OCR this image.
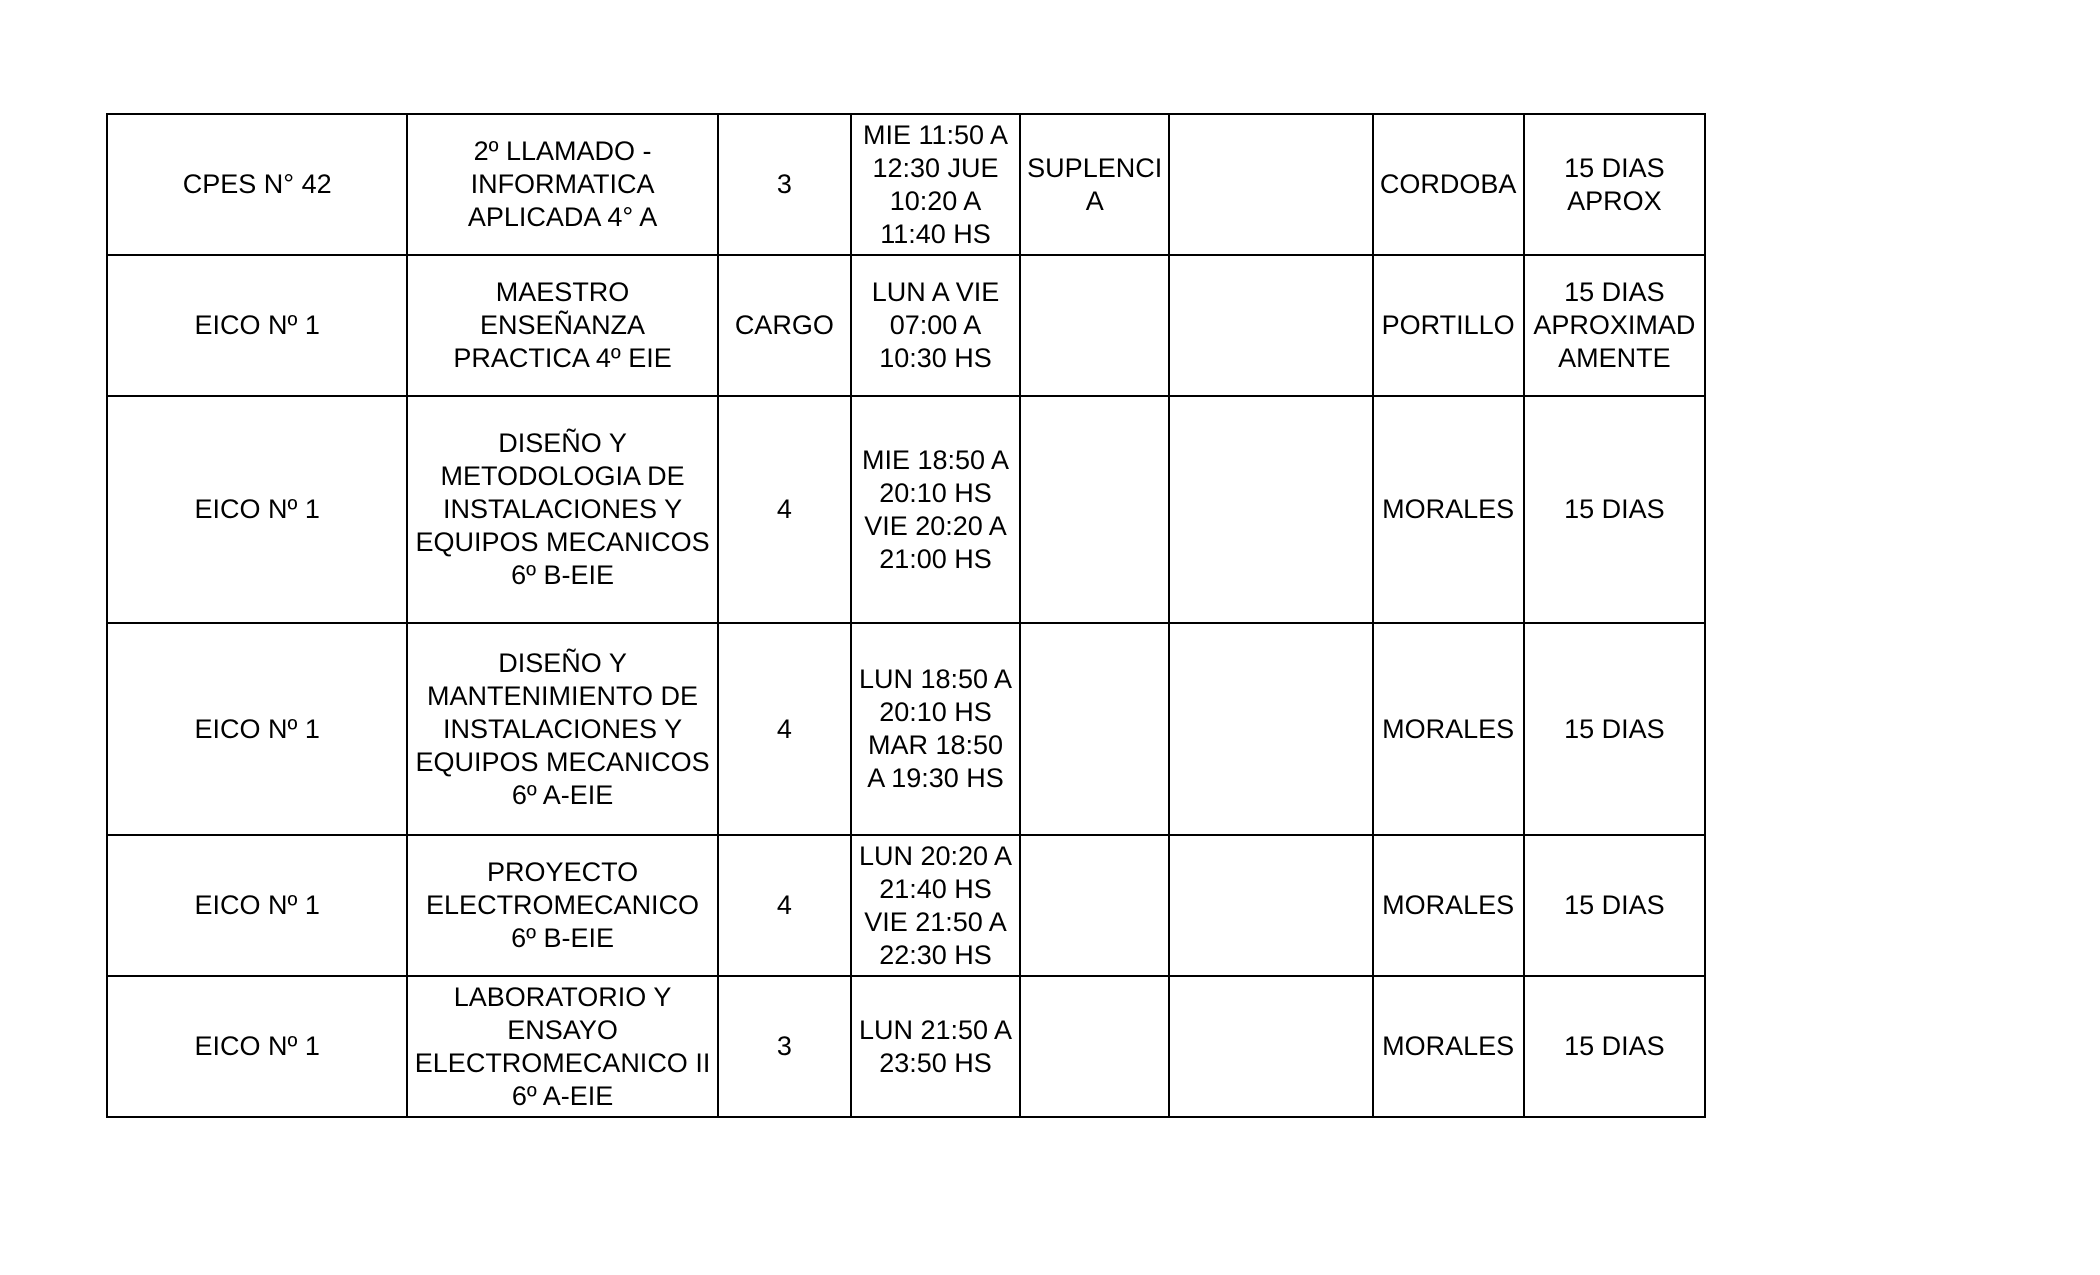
CPES N° 42	2º LLAMADO -
INFORMATICA
APLICADA 4° A	3	MIE 11:50 A
12:30 JUE
10:20 A
11:40 HS	SUPLENCI
A		CORDOBA	15 DIAS
APROX
EICO Nº 1	MAESTRO
ENSEÑANZA
PRACTICA 4º EIE	CARGO	LUN A VIE
07:00 A
10:30 HS			PORTILLO	15 DIAS
APROXIMAD
AMENTE
EICO Nº 1	DISEÑO Y
METODOLOGIA DE
INSTALACIONES Y
EQUIPOS MECANICOS
6º B-EIE	4	MIE 18:50 A
20:10 HS
VIE 20:20 A
21:00 HS			MORALES	15 DIAS
EICO Nº 1	DISEÑO Y
MANTENIMIENTO DE
INSTALACIONES Y
EQUIPOS MECANICOS
6º A-EIE	4	LUN 18:50 A
20:10 HS
MAR 18:50
A 19:30 HS			MORALES	15 DIAS
EICO Nº 1	PROYECTO
ELECTROMECANICO
6º B-EIE	4	LUN 20:20 A
21:40 HS
VIE 21:50 A
22:30 HS			MORALES	15 DIAS
EICO Nº 1	LABORATORIO Y
ENSAYO
ELECTROMECANICO II
6º A-EIE	3	LUN 21:50 A
23:50 HS			MORALES	15 DIAS
